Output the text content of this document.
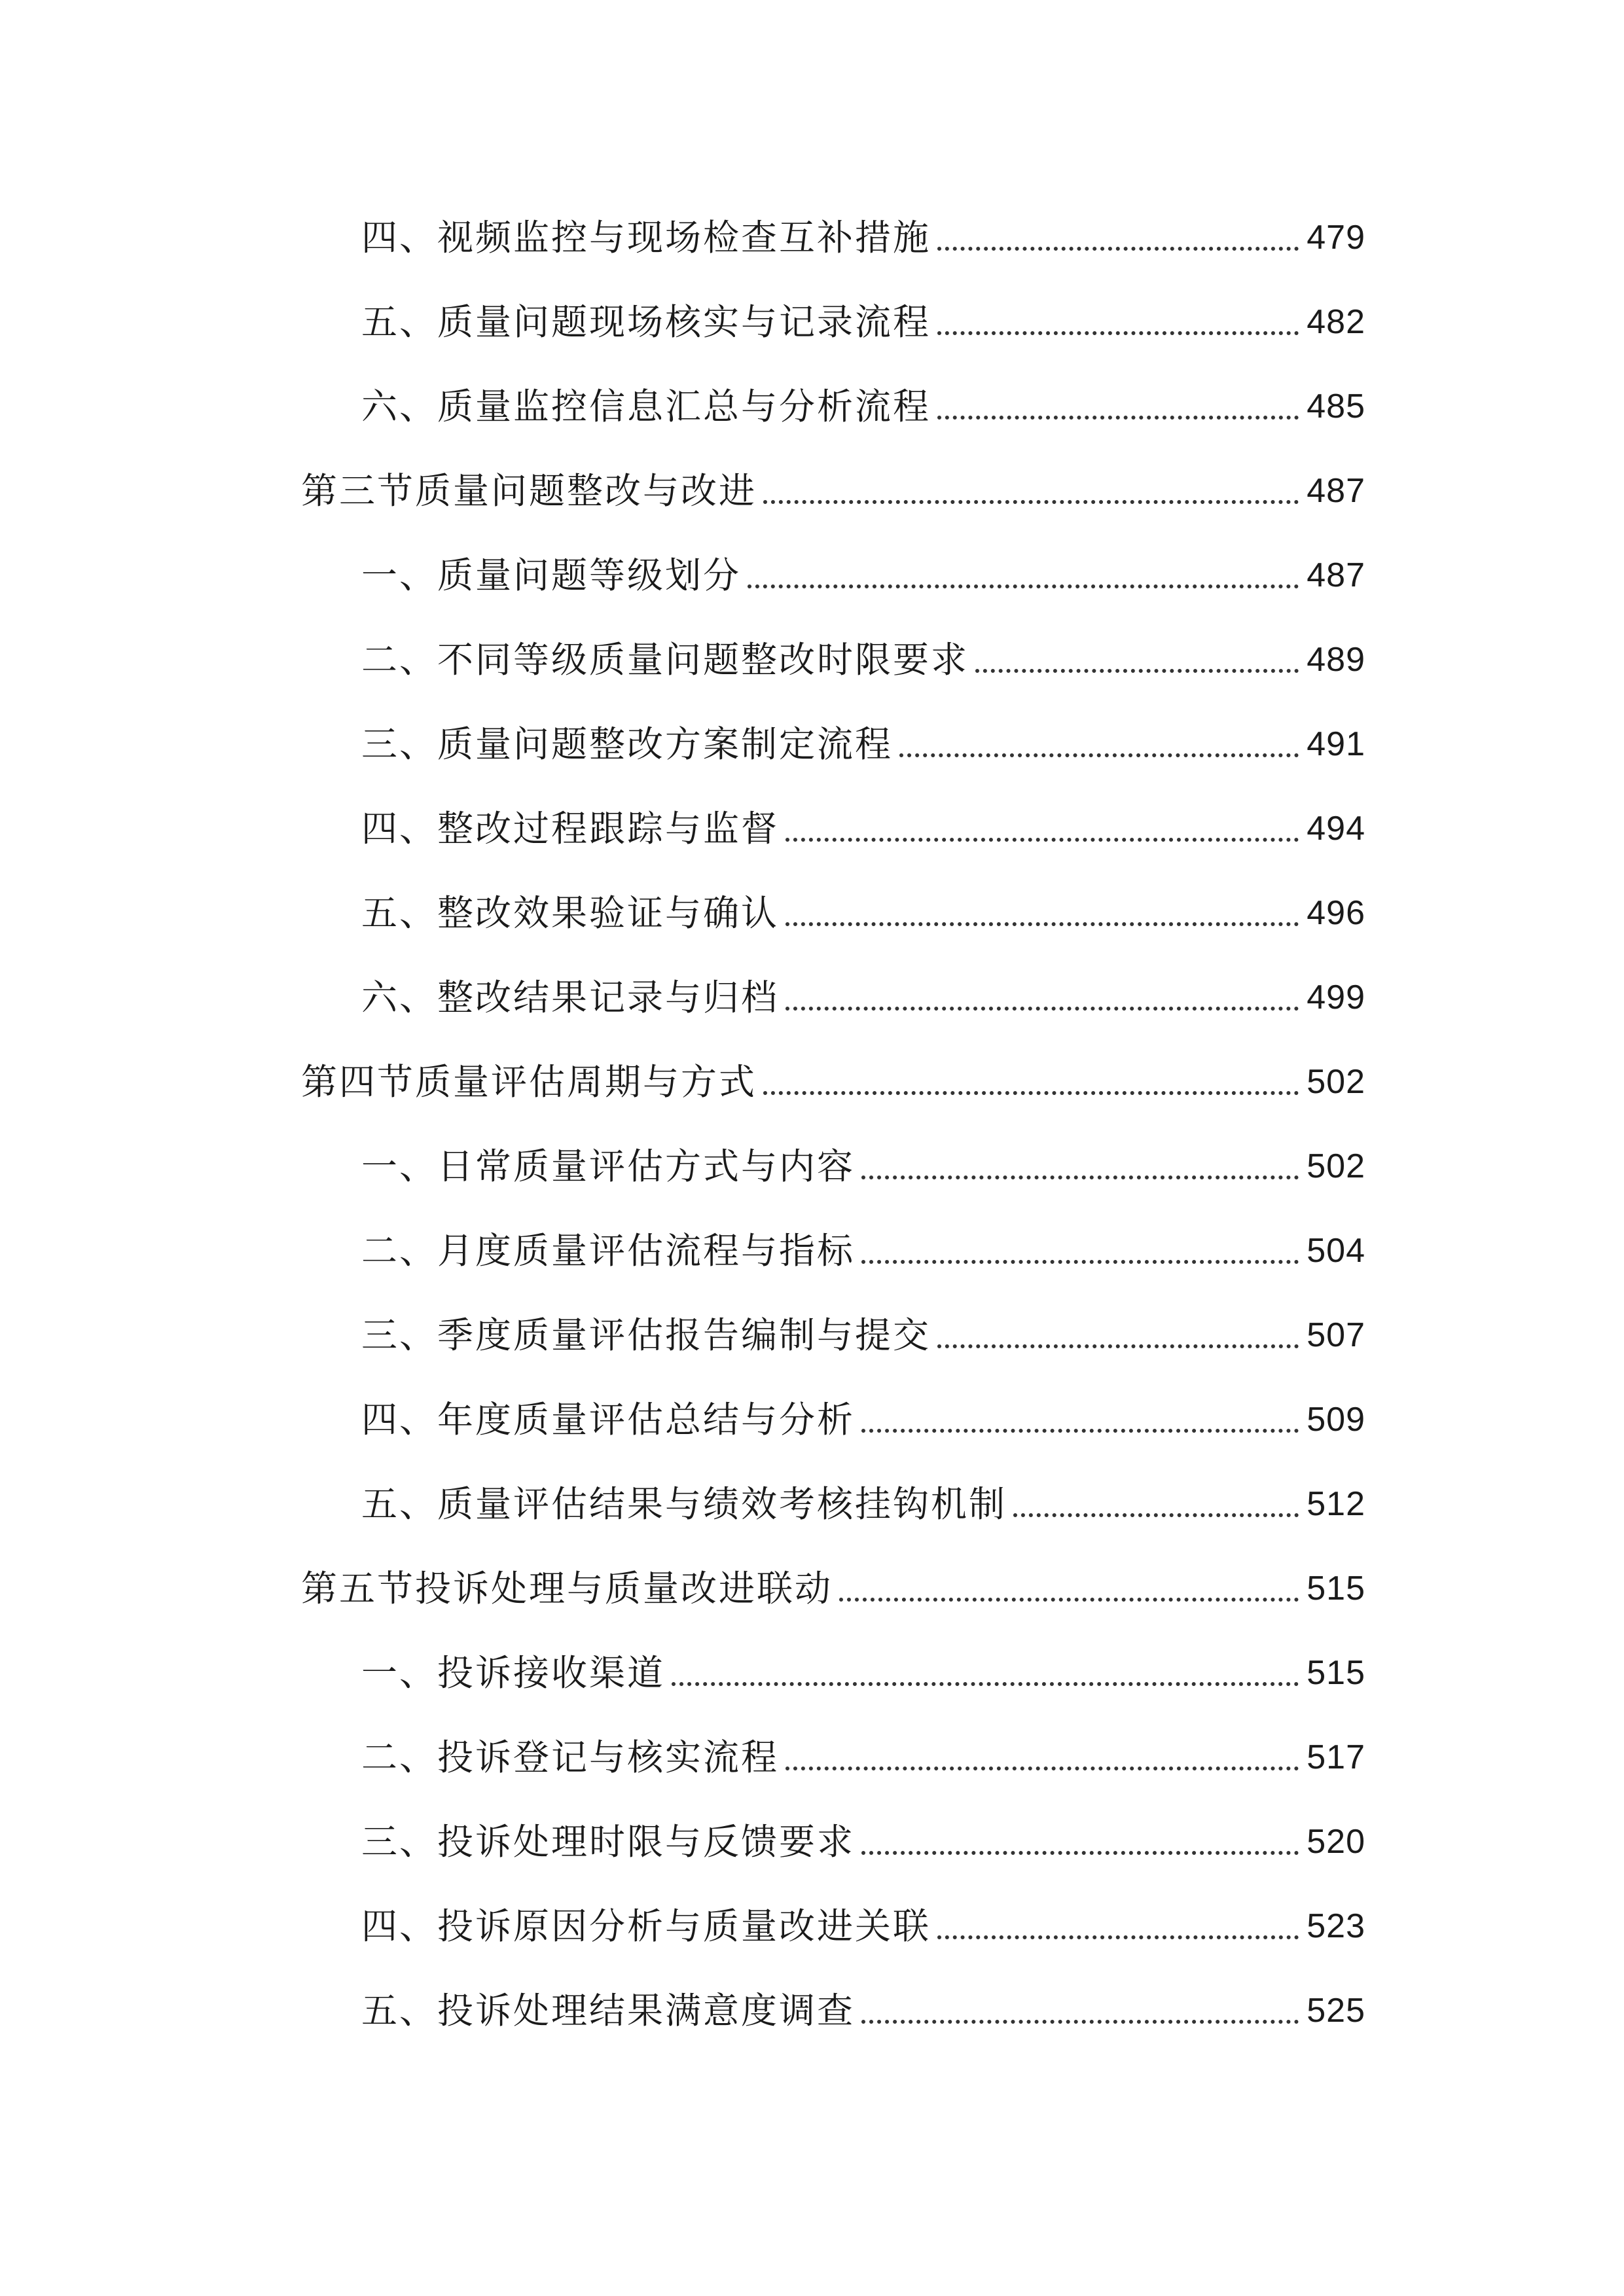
四、视频监控与现场检查互补措施	479
五、质量问题现场核实与记录流程	482
六、质量监控信息汇总与分析流程	485
第三节质量问题整改与改进	487
一、质量问题等级划分	487
二、不同等级质量问题整改时限要求	489
三、质量问题整改方案制定流程	491
四、整改过程跟踪与监督	494
五、整改效果验证与确认	496
六、整改结果记录与归档	499
第四节质量评估周期与方式	502
一、日常质量评估方式与内容	502
二、月度质量评估流程与指标	504
三、季度质量评估报告编制与提交	507
四、年度质量评估总结与分析	509
五、质量评估结果与绩效考核挂钩机制	512
第五节投诉处理与质量改进联动	515
一、投诉接收渠道	515
二、投诉登记与核实流程	517
三、投诉处理时限与反馈要求	520
四、投诉原因分析与质量改进关联	523
五、投诉处理结果满意度调查	525
